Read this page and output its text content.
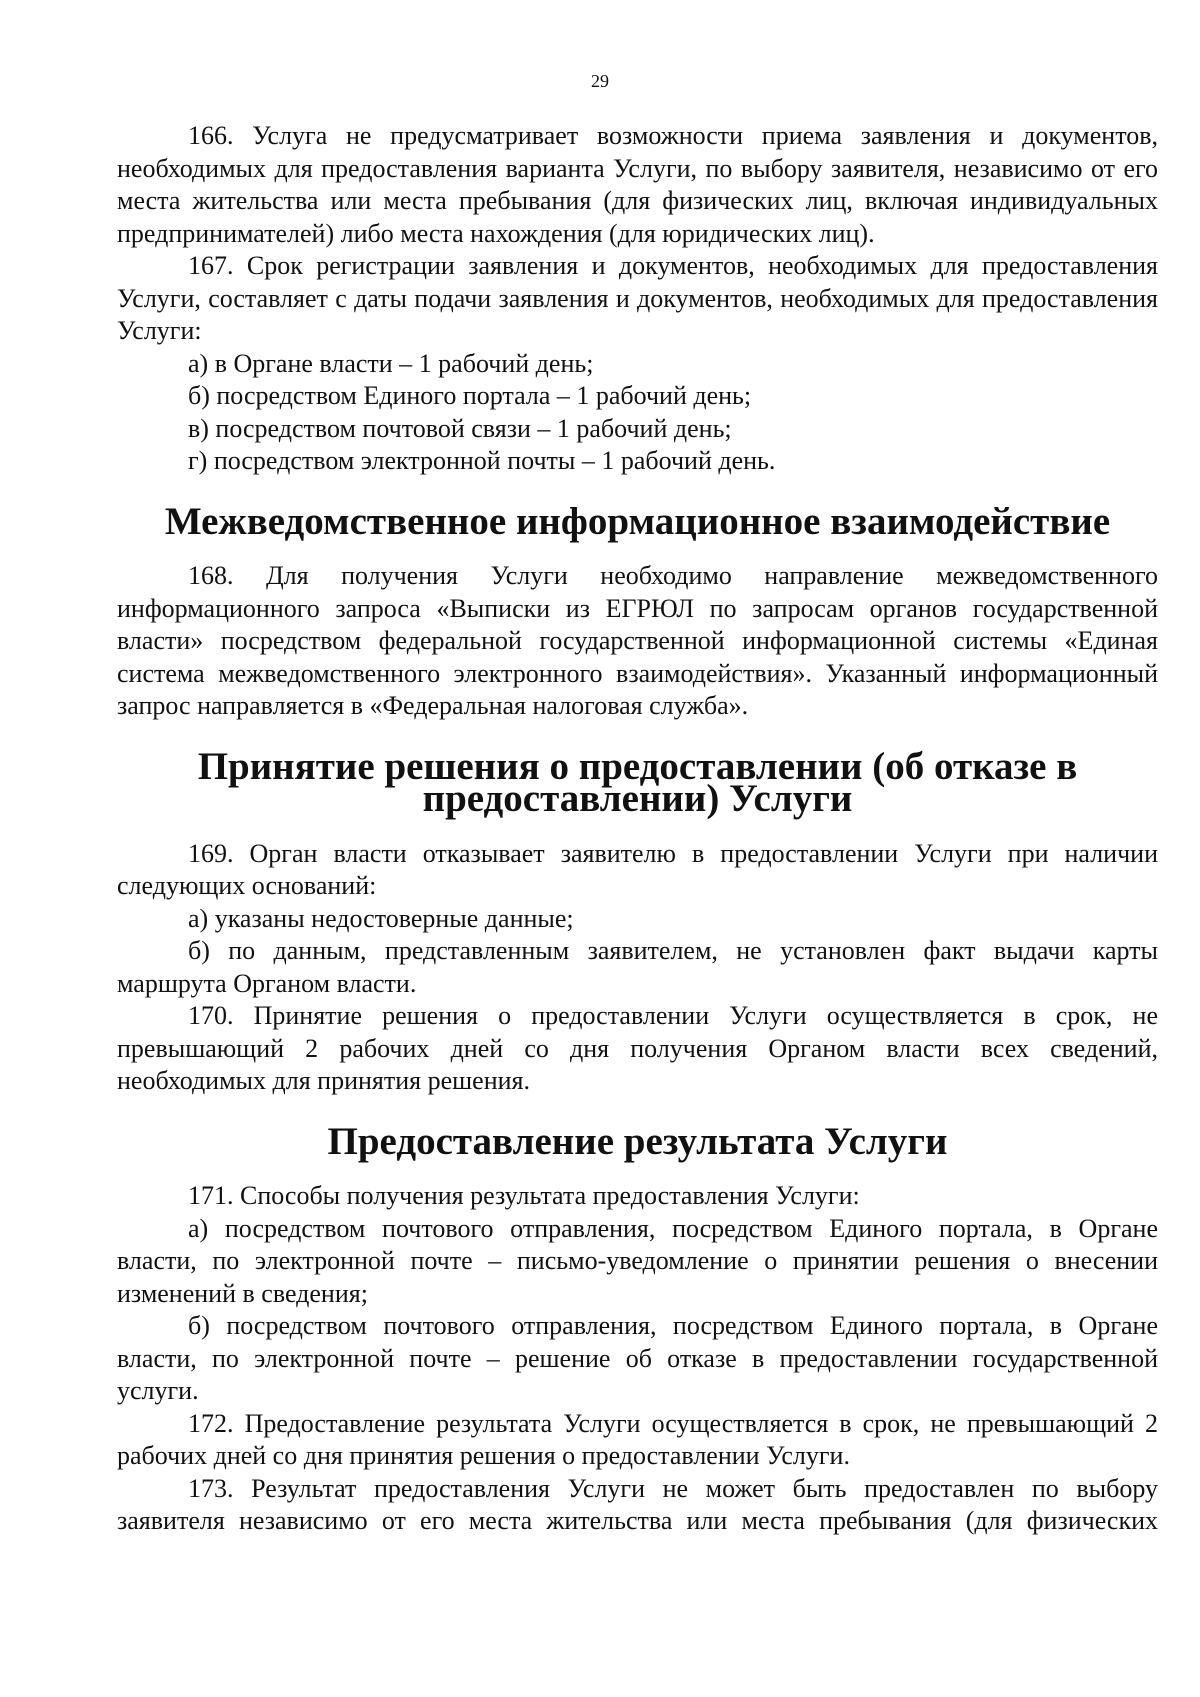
29

166. Услуга не предусматривает возможности приема заявления и документов, необходимых для предоставления варианта Услуги, по выбору заявителя, независимо от его места жительства или места пребывания (для физических лиц, включая индивидуальных предпринимателей) либо места нахождения (для юридических лиц).

167. Срок регистрации заявления и документов, необходимых для предоставления Услуги, составляет с даты подачи заявления и документов, необходимых для предоставления Услуги:

а) в Органе власти – 1 рабочий день;

б) посредством Единого портала – 1 рабочий день;

в) посредством почтовой связи – 1 рабочий день;

г) посредством электронной почты – 1 рабочий день.

Межведомственное информационное взаимодействие

168. Для получения Услуги необходимо направление межведомственного информационного запроса «Выписки из ЕГРЮЛ по запросам органов государственной власти» посредством федеральной государственной информационной системы «Единая система межведомственного электронного взаимодействия». Указанный информационный запрос направляется в «Федеральная налоговая служба».

Принятие решения о предоставлении (об отказе в предоставлении) Услуги

169. Орган власти отказывает заявителю в предоставлении Услуги при наличии следующих оснований:

а) указаны недостоверные данные;

б) по данным, представленным заявителем, не установлен факт выдачи карты маршрута Органом власти.

170. Принятие решения о предоставлении Услуги осуществляется в срок, не превышающий 2 рабочих дней со дня получения Органом власти всех сведений, необходимых для принятия решения.

Предоставление результата Услуги

171. Способы получения результата предоставления Услуги:

а) посредством почтового отправления, посредством Единого портала, в Органе власти, по электронной почте – письмо-уведомление о принятии решения о внесении изменений в сведения;

б) посредством почтового отправления, посредством Единого портала, в Органе власти, по электронной почте – решение об отказе в предоставлении государственной услуги.

172. Предоставление результата Услуги осуществляется в срок, не превышающий 2 рабочих дней со дня принятия решения о предоставлении Услуги.

173. Результат предоставления Услуги не может быть предоставлен по выбору заявителя независимо от его места жительства или места пребывания (для физических
